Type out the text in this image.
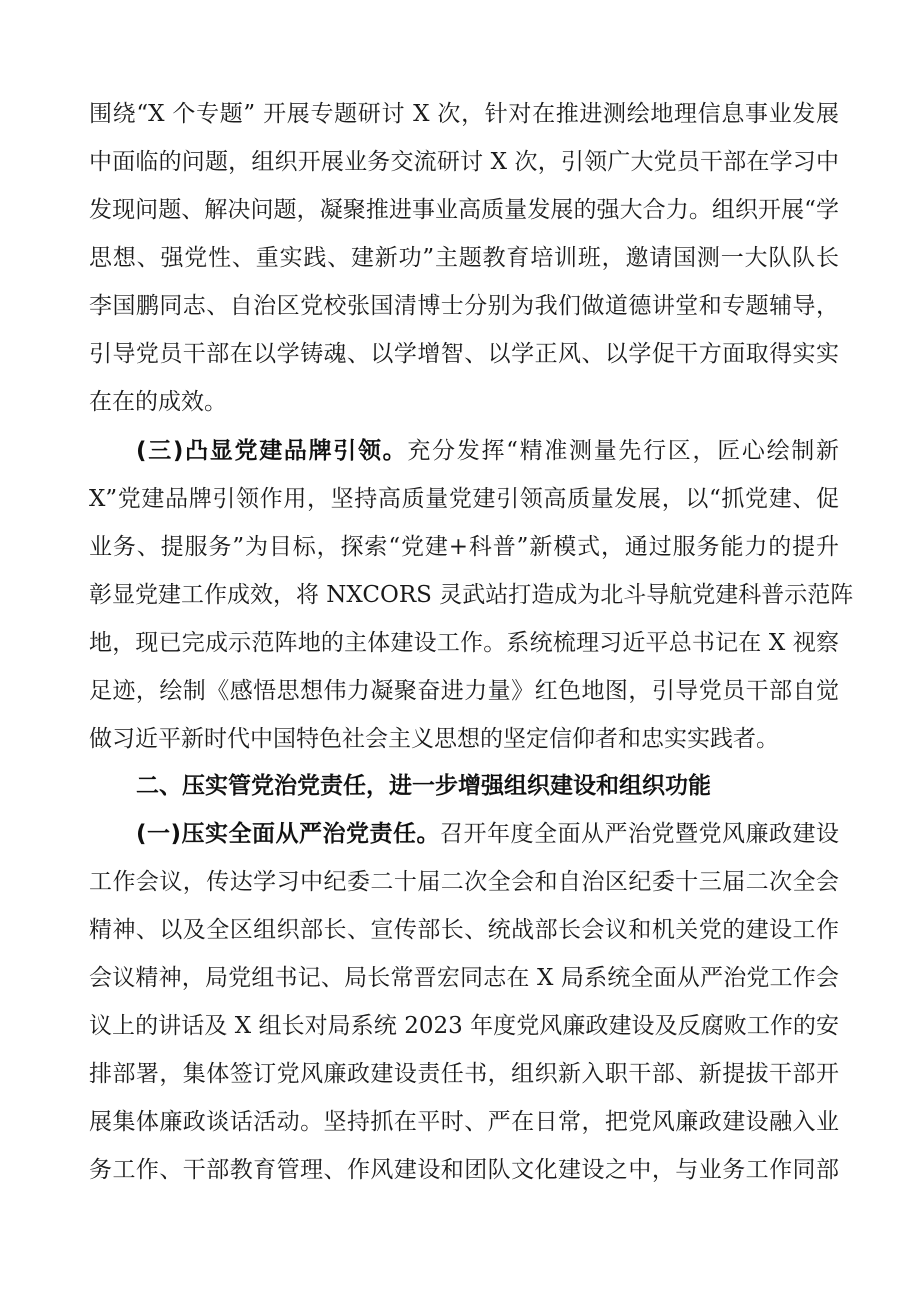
围绕“X 个专题” 开展专题研讨 X 次，针对在推进测绘地理信息事业发展
中面临的问题，组织开展业务交流研讨 X 次，引领广大党员干部在学习中
发现问题、解决问题，凝聚推进事业高质量发展的强大合力。组织开展“学
思想、强党性、重实践、建新功”主题教育培训班，邀请国测一大队队长
李国鹏同志、自治区党校张国清博士分别为我们做道德讲堂和专题辅导，
引导党员干部在以学铸魂、以学增智、以学正风、以学促干方面取得实实
在在的成效。
(三)凸显党建品牌引领。充分发挥“精准测量先行区，匠心绘制新
X”党建品牌引领作用，坚持高质量党建引领高质量发展，以“抓党建、促
业务、提服务”为目标，探索“党建+科普”新模式，通过服务能力的提升
彰显党建工作成效，将 NXCORS 灵武站打造成为北斗导航党建科普示范阵
地，现已完成示范阵地的主体建设工作。系统梳理习近平总书记在 X 视察
足迹，绘制《感悟思想伟力凝聚奋进力量》红色地图，引导党员干部自觉
做习近平新时代中国特色社会主义思想的坚定信仰者和忠实实践者。
二、压实管党治党责任，进一步增强组织建设和组织功能
(一)压实全面从严治党责任。召开年度全面从严治党暨党风廉政建设
工作会议，传达学习中纪委二十届二次全会和自治区纪委十三届二次全会
精神、以及全区组织部长、宣传部长、统战部长会议和机关党的建设工作
会议精神，局党组书记、局长常晋宏同志在 X 局系统全面从严治党工作会
议上的讲话及 X 组长对局系统 2023 年度党风廉政建设及反腐败工作的安
排部署，集体签订党风廉政建设责任书，组织新入职干部、新提拔干部开
展集体廉政谈话活动。坚持抓在平时、严在日常，把党风廉政建设融入业
务工作、干部教育管理、作风建设和团队文化建设之中，与业务工作同部
